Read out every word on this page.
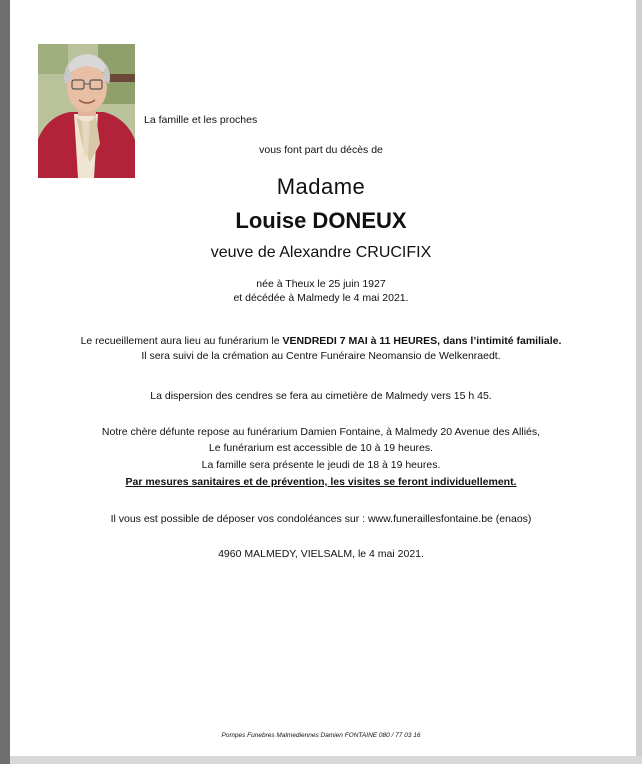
La famille et les proches
vous font part du décès de
Madame
Louise DONEUX
veuve de Alexandre CRUCIFIX
née à Theux le 25 juin 1927
et décédée à Malmedy le 4 mai 2021.
Le recueillement aura lieu au funérarium le VENDREDI 7 MAI à 11 HEURES, dans l’intimité familiale.
Il sera suivi de la crémation au Centre Funéraire Neomansio de Welkenraedt.
La dispersion des cendres se fera au cimetière de Malmedy vers 15 h 45.
Notre chère défunte repose au funérarium Damien Fontaine, à Malmedy 20 Avenue des Alliés,
Le funérarium est accessible de 10 à 19 heures.
La famille sera présente le jeudi de 18 à 19 heures.
Par mesures sanitaires et de prévention, les visites se feront individuellement.
Il vous est possible de déposer vos condoléances sur : www.funeraillesfontaine.be (enaos)
4960 MALMEDY, VIELSALM, le 4 mai 2021.
Pompes Funebres Malmediennes Damien FONTAINE 080 / 77 03 16
